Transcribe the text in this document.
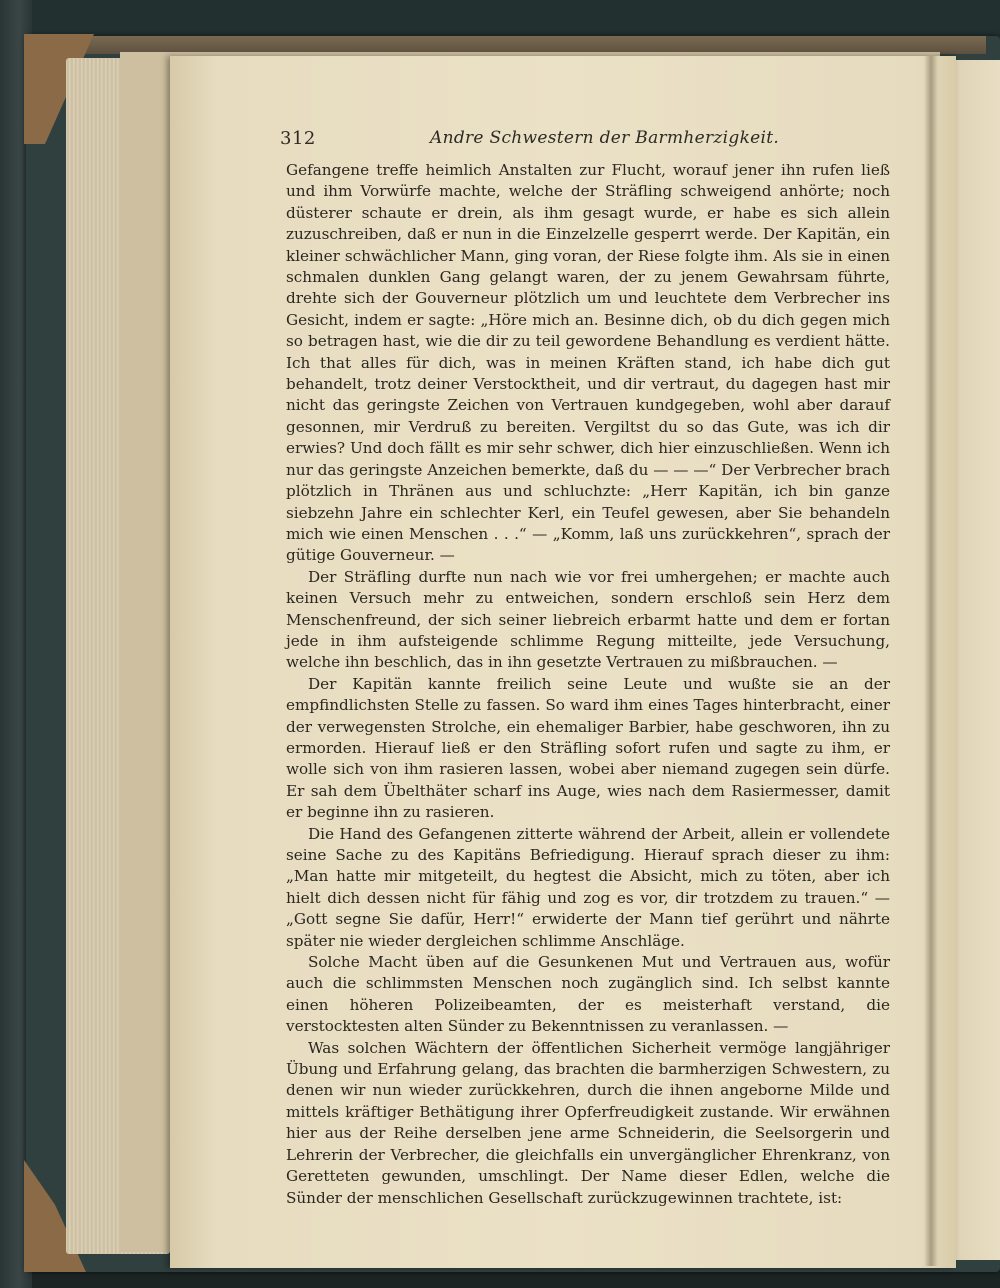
312	Andre Schwestern der Barmherzigkeit.

Gefangene treffe heimlich Anstalten zur Flucht, worauf jener ihn rufen ließ und ihm Vorwürfe machte, welche der Sträfling schweigend anhörte; noch düsterer schaute er drein, als ihm gesagt wurde, er habe es sich allein zuzuschreiben, daß er nun in die Einzelzelle gesperrt werde. Der Kapitän, ein kleiner schwächlicher Mann, ging voran, der Riese folgte ihm. Als sie in einen schmalen dunklen Gang gelangt waren, der zu jenem Gewahrsam führte, drehte sich der Gouverneur plötzlich um und leuchtete dem Verbrecher ins Gesicht, indem er sagte: „Höre mich an. Besinne dich, ob du dich gegen mich so betragen hast, wie die dir zu teil gewordene Behandlung es verdient hätte. Ich that alles für dich, was in meinen Kräften stand, ich habe dich gut behandelt, trotz deiner Verstocktheit, und dir vertraut, du dagegen hast mir nicht das geringste Zeichen von Vertrauen kundgegeben, wohl aber darauf gesonnen, mir Verdruß zu bereiten. Vergiltst du so das Gute, was ich dir erwies? Und doch fällt es mir sehr schwer, dich hier einzuschließen. Wenn ich nur das geringste Anzeichen bemerkte, daß du — — —“ Der Verbrecher brach plötzlich in Thränen aus und schluchzte: „Herr Kapitän, ich bin ganze siebzehn Jahre ein schlechter Kerl, ein Teufel gewesen, aber Sie behandeln mich wie einen Menschen . . .“ — „Komm, laß uns zurückkehren“, sprach der gütige Gouverneur. —

Der Sträfling durfte nun nach wie vor frei umhergehen; er machte auch keinen Versuch mehr zu entweichen, sondern erschloß sein Herz dem Menschenfreund, der sich seiner liebreich erbarmt hatte und dem er fortan jede in ihm aufsteigende schlimme Regung mitteilte, jede Versuchung, welche ihn beschlich, das in ihn gesetzte Vertrauen zu mißbrauchen. —

Der Kapitän kannte freilich seine Leute und wußte sie an der empfindlichsten Stelle zu fassen. So ward ihm eines Tages hinterbracht, einer der verwegensten Strolche, ein ehemaliger Barbier, habe geschworen, ihn zu ermorden. Hierauf ließ er den Sträfling sofort rufen und sagte zu ihm, er wolle sich von ihm rasieren lassen, wobei aber niemand zugegen sein dürfe. Er sah dem Übelthäter scharf ins Auge, wies nach dem Rasiermesser, damit er beginne ihn zu rasieren.

Die Hand des Gefangenen zitterte während der Arbeit, allein er vollendete seine Sache zu des Kapitäns Befriedigung. Hierauf sprach dieser zu ihm: „Man hatte mir mitgeteilt, du hegtest die Absicht, mich zu töten, aber ich hielt dich dessen nicht für fähig und zog es vor, dir trotzdem zu trauen.“ — „Gott segne Sie dafür, Herr!“ erwiderte der Mann tief gerührt und nährte später nie wieder dergleichen schlimme Anschläge.

Solche Macht üben auf die Gesunkenen Mut und Vertrauen aus, wofür auch die schlimmsten Menschen noch zugänglich sind. Ich selbst kannte einen höheren Polizeibeamten, der es meisterhaft verstand, die verstocktesten alten Sünder zu Bekenntnissen zu veranlassen. —

Was solchen Wächtern der öffentlichen Sicherheit vermöge langjähriger Übung und Erfahrung gelang, das brachten die barmherzigen Schwestern, zu denen wir nun wieder zurückkehren, durch die ihnen angeborne Milde und mittels kräftiger Bethätigung ihrer Opferfreudigkeit zustande. Wir erwähnen hier aus der Reihe derselben jene arme Schneiderin, die Seelsorgerin und Lehrerin der Verbrecher, die gleichfalls ein unvergänglicher Ehrenkranz, von Geretteten gewunden, umschlingt. Der Name dieser Edlen, welche die Sünder der menschlichen Gesellschaft zurückzugewinnen trachtete, ist:
